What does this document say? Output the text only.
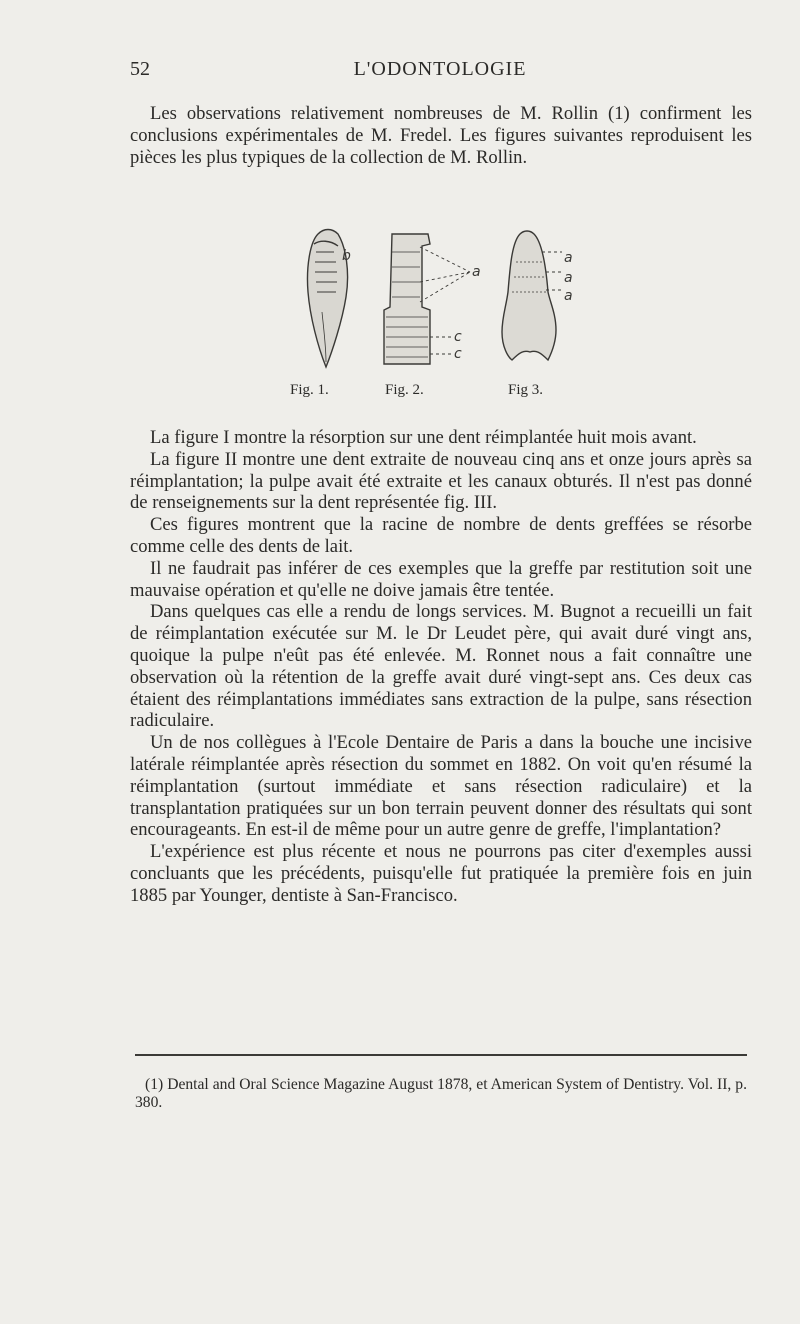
52	L'ODONTOLOGIE

Les observations relativement nombreuses de M. Rollin (1) confirment les conclusions expérimentales de M. Fredel. Les figures suivantes reproduisent les pièces les plus typiques de la collection de M. Rollin.

b
a
c
c
a
a
a
Fig. 1.	Fig. 2.	Fig 3.

La figure I montre la résorption sur une dent réimplantée huit mois avant.

La figure II montre une dent extraite de nouveau cinq ans et onze jours après sa réimplantation; la pulpe avait été extraite et les canaux obturés. Il n'est pas donné de renseignements sur la dent représentée fig. III.

Ces figures montrent que la racine de nombre de dents greffées se résorbe comme celle des dents de lait.

Il ne faudrait pas inférer de ces exemples que la greffe par restitution soit une mauvaise opération et qu'elle ne doive jamais être tentée.

Dans quelques cas elle a rendu de longs services. M. Bugnot a recueilli un fait de réimplantation exécutée sur M. le Dr Leudet père, qui avait duré vingt ans, quoique la pulpe n'eût pas été enlevée. M. Ronnet nous a fait connaître une observation où la rétention de la greffe avait duré vingt-sept ans. Ces deux cas étaient des réimplantations immédiates sans extraction de la pulpe, sans résection radiculaire.

Un de nos collègues à l'Ecole Dentaire de Paris a dans la bouche une incisive latérale réimplantée après résection du sommet en 1882. On voit qu'en résumé la réimplantation (surtout immédiate et sans résection radiculaire) et la transplantation pratiquées sur un bon terrain peuvent donner des résultats qui sont encourageants. En est-il de même pour un autre genre de greffe, l'implantation?

L'expérience est plus récente et nous ne pourrons pas citer d'exemples aussi concluants que les précédents, puisqu'elle fut pratiquée la première fois en juin 1885 par Younger, dentiste à San-Francisco.

(1) Dental and Oral Science Magazine August 1878, et American System of Dentistry. Vol. II, p. 380.
